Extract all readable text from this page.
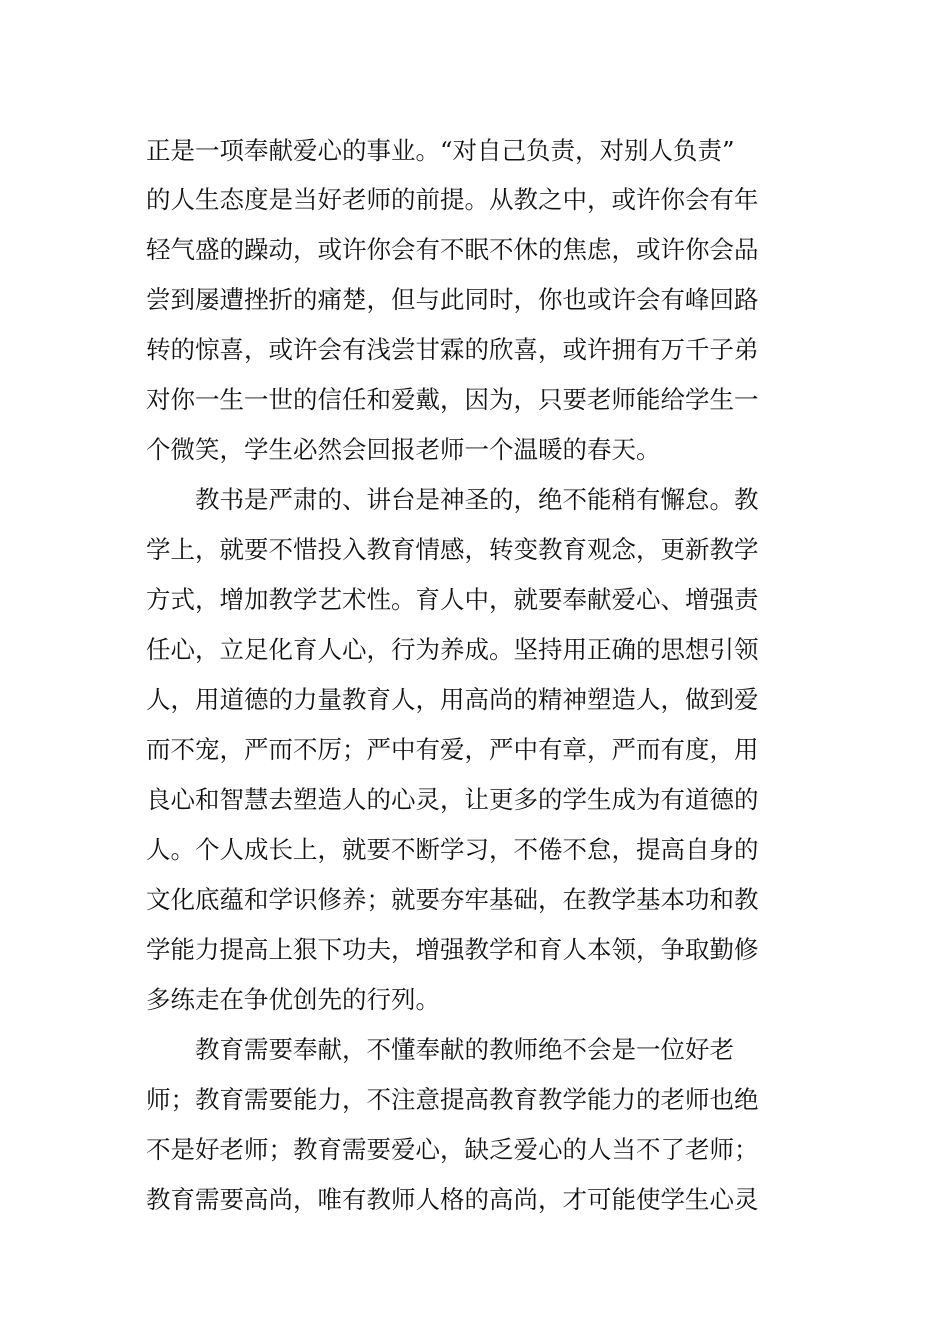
正是一项奉献爱心的事业。“对自己负责，对别人负责”
的人生态度是当好老师的前提。从教之中，或许你会有年
轻气盛的躁动，或许你会有不眠不休的焦虑，或许你会品
尝到屡遭挫折的痛楚，但与此同时，你也或许会有峰回路
转的惊喜，或许会有浅尝甘霖的欣喜，或许拥有万千子弟
对你一生一世的信任和爱戴，因为，只要老师能给学生一
个微笑，学生必然会回报老师一个温暖的春天。
教书是严肃的、讲台是神圣的，绝不能稍有懈怠。教
学上，就要不惜投入教育情感，转变教育观念，更新教学
方式，增加教学艺术性。育人中，就要奉献爱心、增强责
任心，立足化育人心，行为养成。坚持用正确的思想引领
人，用道德的力量教育人，用高尚的精神塑造人，做到爱
而不宠，严而不厉；严中有爱，严中有章，严而有度，用
良心和智慧去塑造人的心灵，让更多的学生成为有道德的
人。个人成长上，就要不断学习，不倦不怠，提高自身的
文化底蕴和学识修养；就要夯牢基础，在教学基本功和教
学能力提高上狠下功夫，增强教学和育人本领，争取勤修
多练走在争优创先的行列。
教育需要奉献，不懂奉献的教师绝不会是一位好老
师；教育需要能力，不注意提高教育教学能力的老师也绝
不是好老师；教育需要爱心，缺乏爱心的人当不了老师；
教育需要高尚，唯有教师人格的高尚，才可能使学生心灵
